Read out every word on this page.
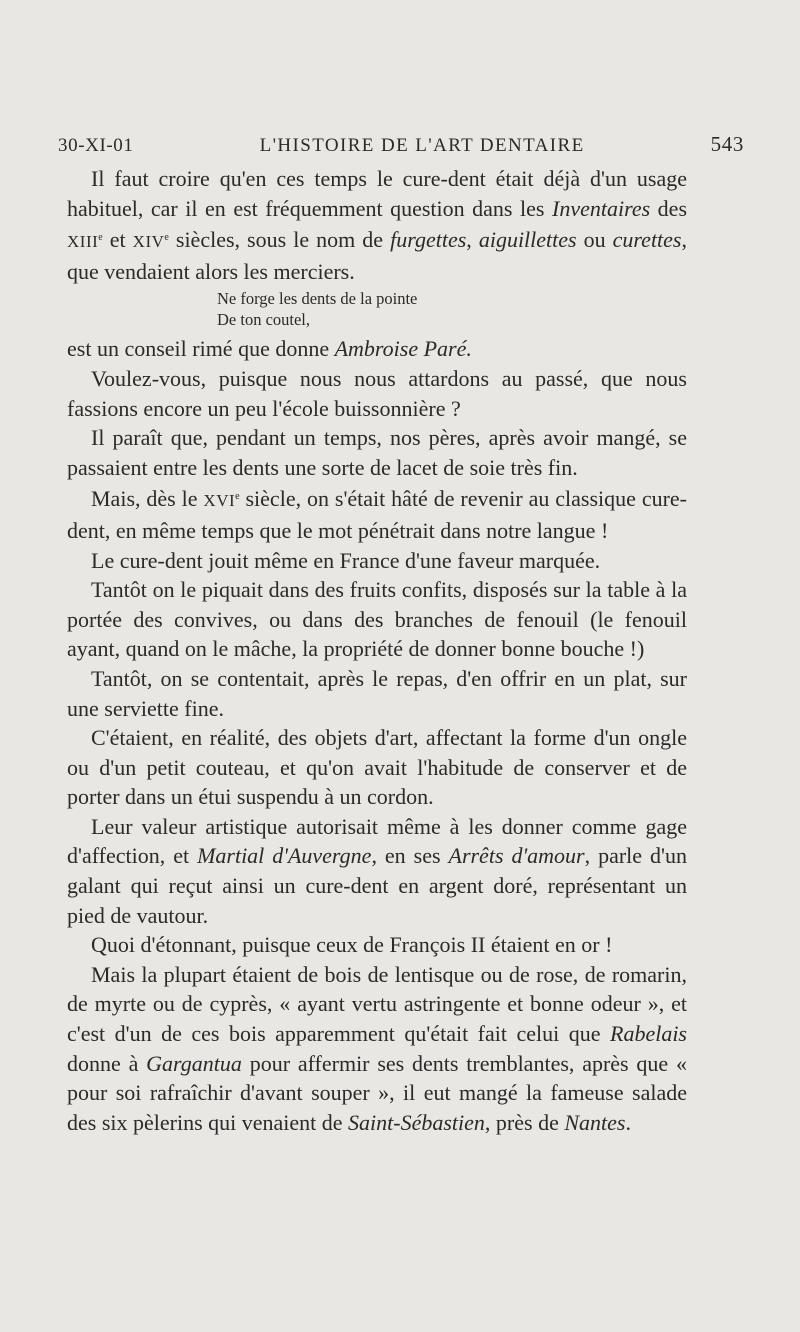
30-XI-01	L'HISTOIRE DE L'ART DENTAIRE	543

Il faut croire qu'en ces temps le cure-dent était déjà d'un usage habituel, car il en est fréquemment question dans les Inventaires des XIIIe et XIVe siècles, sous le nom de furgettes, aiguillettes ou curettes, que vendaient alors les merciers.

Ne forge les dents de la pointe
De ton coutel,

est un conseil rimé que donne Ambroise Paré.

Voulez-vous, puisque nous nous attardons au passé, que nous fassions encore un peu l'école buissonnière ?

Il paraît que, pendant un temps, nos pères, après avoir mangé, se passaient entre les dents une sorte de lacet de soie très fin.

Mais, dès le XVIe siècle, on s'était hâté de revenir au classique cure-dent, en même temps que le mot pénétrait dans notre langue !

Le cure-dent jouit même en France d'une faveur marquée.

Tantôt on le piquait dans des fruits confits, disposés sur la table à la portée des convives, ou dans des branches de fenouil (le fenouil ayant, quand on le mâche, la propriété de donner bonne bouche !)

Tantôt, on se contentait, après le repas, d'en offrir en un plat, sur une serviette fine.

C'étaient, en réalité, des objets d'art, affectant la forme d'un ongle ou d'un petit couteau, et qu'on avait l'habitude de conserver et de porter dans un étui suspendu à un cordon.

Leur valeur artistique autorisait même à les donner comme gage d'affection, et Martial d'Auvergne, en ses Arrêts d'amour, parle d'un galant qui reçut ainsi un cure-dent en argent doré, représentant un pied de vautour.

Quoi d'étonnant, puisque ceux de François II étaient en or !

Mais la plupart étaient de bois de lentisque ou de rose, de romarin, de myrte ou de cyprès, « ayant vertu astringente et bonne odeur », et c'est d'un de ces bois apparemment qu'était fait celui que Rabelais donne à Gargantua pour affermir ses dents tremblantes, après que « pour soi rafraîchir d'avant souper », il eut mangé la fameuse salade des six pèlerins qui venaient de Saint-Sébastien, près de Nantes.
